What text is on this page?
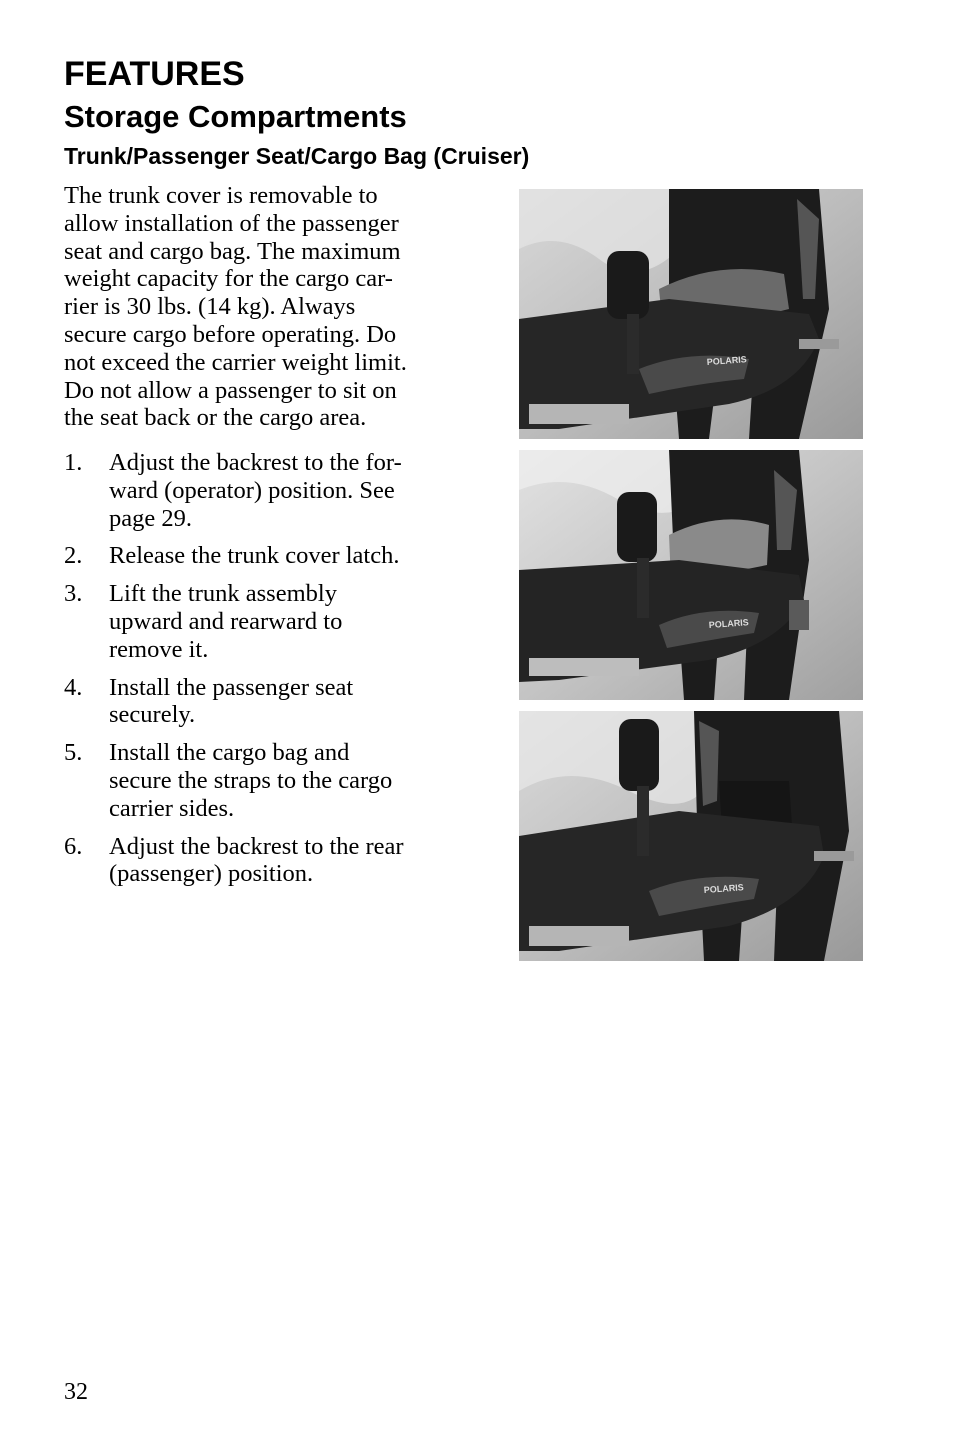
FEATURES
Storage Compartments
Trunk/Passenger Seat/Cargo Bag (Cruiser)

The trunk cover is removable to
allow installation of the passenger
seat and cargo bag. The maximum
weight capacity for the cargo car-
rier is 30 lbs. (14 kg). Always
secure cargo before operating. Do
not exceed the carrier weight limit.
Do not allow a passenger to sit on
the seat back or the cargo area.

1.	Adjust the backrest to the for-
ward (operator) position. See
page 29.
2.	Release the trunk cover latch.
3.	Lift the trunk assembly
upward and rearward to
remove it.
4.	Install the passenger seat
securely.
5.	Install the cargo bag and
secure the straps to the cargo
carrier sides.
6.	Adjust the backrest to the rear
(passenger) position.
POLARIS
POLARIS
POLARIS

32
